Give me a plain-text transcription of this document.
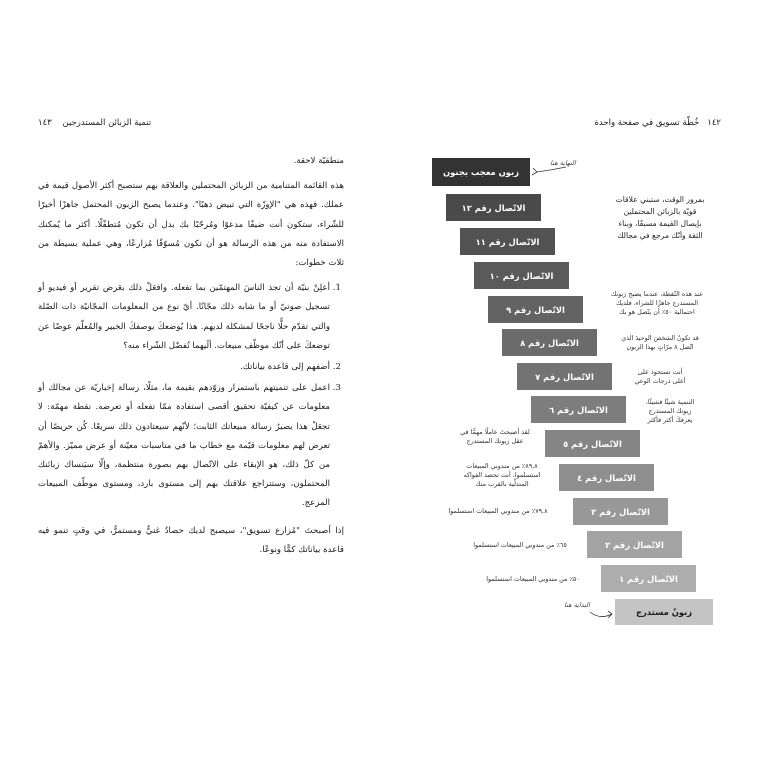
تنمية الزبائن المستدرجين    ١٤٣

منطقيّة لاحقة.

هذه القائمة المتنامية من الزبائن المحتملين والعلاقة بهم ستصبح أكثر الأصول قيمة في عملك. فهذه هي "الإوزّة التي تبيض ذهبًا". وعندما يصبح الزبون المحتمل جاهزًا أخيرًا للشّراء، ستكون أنت ضيفًا مدعوًا ومُرحّبًا بك بدل أن تكون مُتطفّلًا. أكثر ما يُمكنك الاستفادة منه من هذه الرسالة هو أن تكون مُسوّقًا مُزارعًا، وهي عملية بسيطة من ثلاث خطوات:

1. أعلِنْ بنيّة أن تجذ الناسَ المهتمّين بما تفعله. وافعَلْ ذلك بعَرض تقرير أو فيديو أو تسجيل صوتيّ أو ما شابه ذلك مجّانًا. أيّ نوع من المعلومات المجّانيّة ذات الصّلة والتي تقدّم حلًّا ناجحًا لمشكلة لديهم. هذا يُوضعكَ بوصفكَ الخبير والمُعلّم عوضًا عن توضعكَ على أنّك موظّف مبيعات. ألَيهما تُفضّل الشّراء منه؟
2. أضفهم إلى قاعدة بياناتك.
3. اعمل على تنميتهم باستمرار وزوّدهم بقيمة ما، مثلًا، رسالة إخباريّة عن مجالك أو معلومات عن كيفيّة تحقيق أقصى استفادة ممّا تفعله أو تعرضه. نقطة مهمّة: لا تجعَلْ هذا يصيرُ رسالة مبيعاتك الثابت؛ لأنّهم سيعتادون ذلك سريعًا. كُن حريصًا أن تعرض لهم معلومات قيّمة مع خطاب ما في مناسبات معيّنة أو عرض مميّز. والأهمّ من كلّ ذلك، هو الإبقاء على الاتّصال بهم بصورة منتظمة، وإلّا سيَنساك زبائنك المحتملون، وستتراجع علاقتك بهم إلى مستوى بارد، ومستوى موظّف المبيعات المزعج.

إذا أصبحتَ "مُزارع تسويق"، سيصبح لديك حصادٌ غنيٌّ ومستمرٌّ، في وقتٍ تنمو فيه قاعدة بياناتك كمًّا ونوعًا.

١٤٢   خُطّة تسويق في صفحة واحدة
زبون معجب بجنون
الاتّصال رقم ١٢
الاتّصال رقم ١١
الاتّصال رقم ١٠
الاتّصال رقم ٩
الاتّصال رقم ٨
الاتّصال رقم ٧
الاتّصال رقم ٦
الاتّصال رقم ٥
الاتّصال رقم ٤
الاتّصال رقم ٣
الاتّصال رقم ٢
الاتّصال رقم ١
زبونٌ مستدرج
النهاية هنا
البداية هنا
بمرور الوقت، ستبني علاقات
قويّة بالزبائن المحتملين
بإيصال القيمة مسبقًا، وبناء
الثقة وأنّك مرجع في مجالك
عند هذه النّقطة، عندما يصبح زبونك
المستدرج جاهزًا للشراء، فلديك
احتمالية ٥٠٪ أن يتّصل هو بك
قد تكونُ الشخصَ الوحيدَ الذي
اتّصل ٨ مرّاتٍ بهذا الزبون
أنت تستحوذ على
أعلى درجات الوعي
التنمية شيئًا فشيئًا،
زبونك المستدرج
يعرفكَ أكثر فأكثر
لقد أصبحتَ عاملًا مهمًّا في
عقل زبونك المستدرج
٨٩,٨٪ من مندوبي المبيعات
استسلموا، أنت تحصد الفواكه
المتدلّية بالقرب منك
٧٩,٨٪ من مندوبي المبيعات استسلموا
٦٥٪ من مندوبي المبيعات استسلموا
٥٠٪ من مندوبي المبيعات استسلموا
